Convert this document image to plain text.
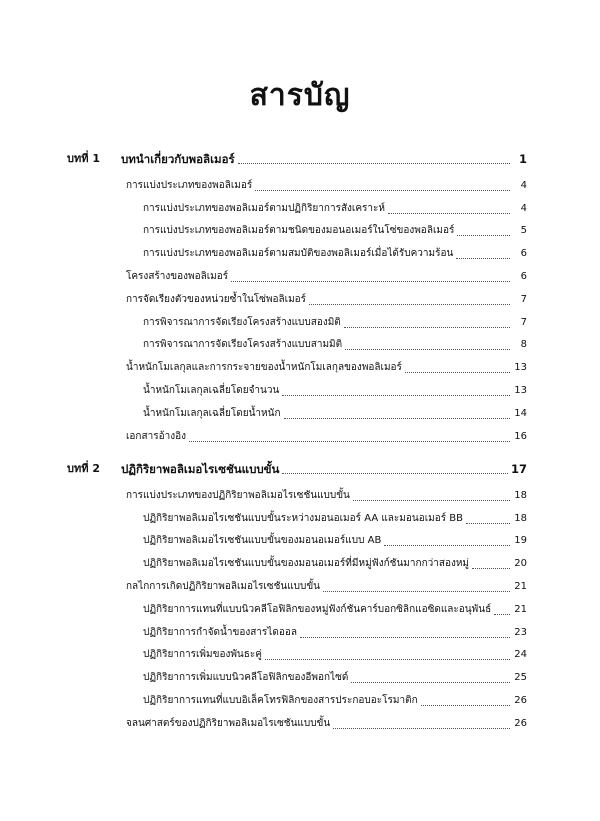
สารบัญ
บทที่ 1 บทนำเกี่ยวกับพอลิเมอร์	1
การแบ่งประเภทของพอลิเมอร์	4
การแบ่งประเภทของพอลิเมอร์ตามปฏิกิริยาการสังเคราะห์	4
การแบ่งประเภทของพอลิเมอร์ตามชนิดของมอนอเมอร์ในโซ่ของพอลิเมอร์	5
การแบ่งประเภทของพอลิเมอร์ตามสมบัติของพอลิเมอร์เมื่อได้รับความร้อน	6
โครงสร้างของพอลิเมอร์	6
การจัดเรียงตัวของหน่วยซ้ำในโซ่พอลิเมอร์	7
การพิจารณาการจัดเรียงโครงสร้างแบบสองมิติ	7
การพิจารณาการจัดเรียงโครงสร้างแบบสามมิติ	8
น้ำหนักโมเลกุลและการกระจายของน้ำหนักโมเลกุลของพอลิเมอร์	13
น้ำหนักโมเลกุลเฉลี่ยโดยจำนวน	13
น้ำหนักโมเลกุลเฉลี่ยโดยน้ำหนัก	14
เอกสารอ้างอิง	16
บทที่ 2 ปฏิกิริยาพอลิเมอไรเซชันแบบขั้น	17
การแบ่งประเภทของปฏิกิริยาพอลิเมอไรเซชันแบบขั้น	18
ปฏิกิริยาพอลิเมอไรเซชันแบบขั้นระหว่างมอนอเมอร์ AA และมอนอเมอร์ BB	18
ปฏิกิริยาพอลิเมอไรเซชันแบบขั้นของมอนอเมอร์แบบ AB	19
ปฏิกิริยาพอลิเมอไรเซชันแบบขั้นของมอนอเมอร์ที่มีหมู่ฟังก์ชันมากกว่าสองหมู่	20
กลไกการเกิดปฏิกิริยาพอลิเมอไรเซชันแบบขั้น	21
ปฏิกิริยาการแทนที่แบบนิวคลีโอฟิลิกของหมู่ฟังก์ชันคาร์บอกซิลิกแอซิดและอนุพันธ์ 21
ปฏิกิริยาการกำจัดน้ำของสารไดออล	23
ปฏิกิริยาการเพิ่มของพันธะคู่	24
ปฏิกิริยาการเพิ่มแบบนิวคลีโอฟิลิกของอีพอกไซด์	25
ปฏิกิริยาการแทนที่แบบอิเล็คโทรฟิลิกของสารประกอบอะโรมาติก	26
จลนศาสตร์ของปฏิกิริยาพอลิเมอไรเซชันแบบขั้น	26
